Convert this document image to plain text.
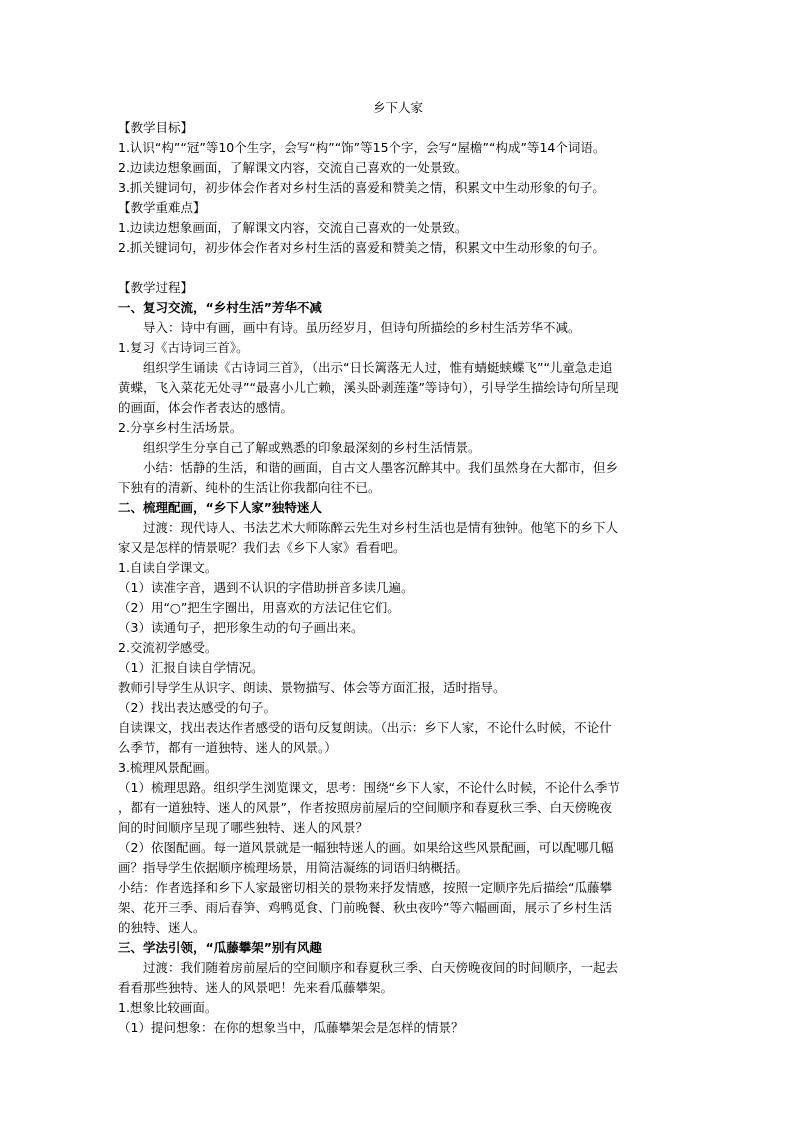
乡下人家
【教学目标】
1.认识“构”“冠”等10个生字，会写“构”“饰”等15个字，会写“屋檐”“构成”等14个词语。
2.边读边想象画面，了解课文内容，交流自己喜欢的一处景致。
3.抓关键词句，初步体会作者对乡村生活的喜爱和赞美之情，积累文中生动形象的句子。
【教学重难点】
1.边读边想象画面，了解课文内容，交流自己喜欢的一处景致。
2.抓关键词句，初步体会作者对乡村生活的喜爱和赞美之情，积累文中生动形象的句子。
【教学过程】
一、复习交流，“乡村生活”芳华不减
导入：诗中有画，画中有诗。虽历经岁月，但诗句所描绘的乡村生活芳华不减。
1.复习《古诗词三首》。
组织学生诵读《古诗词三首》，（出示“日长篱落无人过，惟有蜻蜓蛱蝶飞”“儿童急走追
黄蝶，飞入菜花无处寻”“最喜小儿亡赖，溪头卧剥莲蓬”等诗句），引导学生描绘诗句所呈现
的画面，体会作者表达的感情。
2.分享乡村生活场景。
组织学生分享自己了解或熟悉的印象最深刻的乡村生活情景。
小结：恬静的生活，和谐的画面，自古文人墨客沉醉其中。我们虽然身在大都市，但乡
下独有的清新、纯朴的生活让你我都向往不已。
二、梳理配画，“乡下人家”独特迷人
过渡：现代诗人、书法艺术大师陈醉云先生对乡村生活也是情有独钟。他笔下的乡下人
家又是怎样的情景呢？我们去《乡下人家》看看吧。
1.自读自学课文。
（1）读准字音，遇到不认识的字借助拼音多读几遍。
（2）用“○”把生字圈出，用喜欢的方法记住它们。
（3）读通句子，把形象生动的句子画出来。
2.交流初学感受。
（1）汇报自读自学情况。
教师引导学生从识字、朗读、景物描写、体会等方面汇报，适时指导。
（2）找出表达感受的句子。
自读课文，找出表达作者感受的语句反复朗读。（出示：乡下人家，不论什么时候，不论什
么季节，都有一道独特、迷人的风景。）
3.梳理风景配画。
（1）梳理思路。组织学生浏览课文，思考：围绕“乡下人家，不论什么时候，不论什么季节
，都有一道独特、迷人的风景”，作者按照房前屋后的空间顺序和春夏秋三季、白天傍晚夜
间的时间顺序呈现了哪些独特、迷人的风景？
（2）依图配画。每一道风景就是一幅独特迷人的画。如果给这些风景配画，可以配哪几幅
画？指导学生依据顺序梳理场景，用简洁凝练的词语归纳概括。
小结：作者选择和乡下人家最密切相关的景物来抒发情感，按照一定顺序先后描绘“瓜藤攀
架、花开三季、雨后春笋、鸡鸭觅食、门前晚餐、秋虫夜吟”等六幅画面，展示了乡村生活
的独特、迷人。
三、学法引领，“瓜藤攀架”别有风趣
过渡：我们随着房前屋后的空间顺序和春夏秋三季、白天傍晚夜间的时间顺序，一起去
看看那些独特、迷人的风景吧！先来看瓜藤攀架。
1.想象比较画面。
（1）提问想象：在你的想象当中，瓜藤攀架会是怎样的情景？
